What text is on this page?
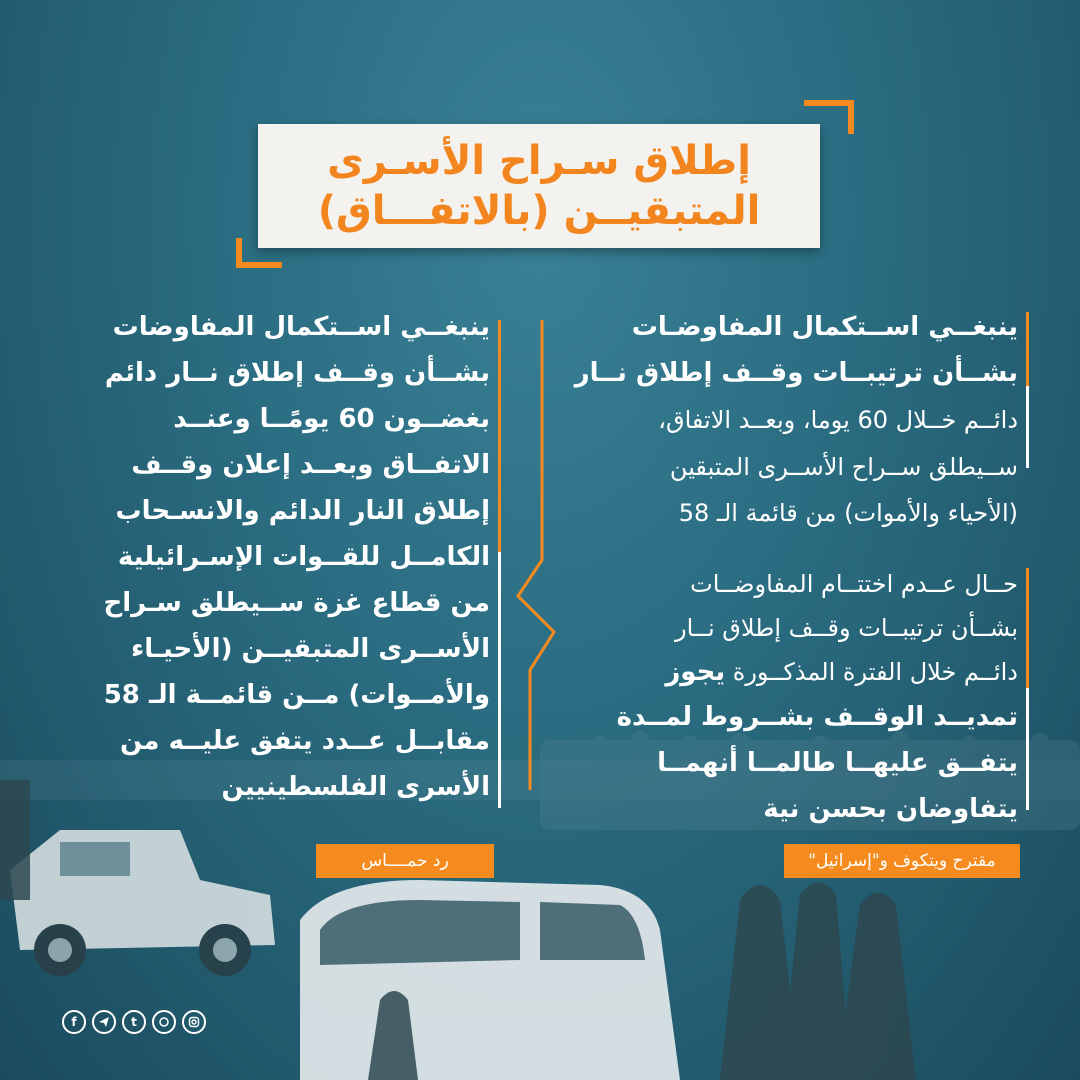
إطلاق سـراح الأسـرى
المتبقيــن (بالاتفـــاق)
ينبغــي اســتكمال المفاوضات
بشــأن وقــف إطلاق نــار دائم
بغضــون 60 يومًــا وعنــد
الاتفــاق وبعــد إعلان وقــف
إطلاق النار الدائم والانسـحاب
الكامــل للقــوات الإسـرائيلية
من قطاع غزة ســيطلق سـراح
الأســرى المتبقيــن (الأحيـاء
والأمــوات) مــن قائمــة الـ 58
مقابــل عــدد يتفق عليــه من
الأسرى الفلسطينيين
رد حمــــاس
ينبغــي اســتكمال المفاوضـات
بشــأن ترتيبــات وقــف إطلاق نــار
دائــم خــلال 60 يوما، وبعــد الاتفاق،
ســيطلق ســراح الأســرى المتبقين
(الأحياء والأموات) من قائمة الـ 58
حــال عــدم اختتــام المفاوضــات
بشــأن ترتيبــات وقــف إطلاق نــار
دائــم خلال الفترة المذكــورة يجوز
تمديــد الوقــف بشــروط لمــدة
يتفــق عليهــا طالمــا أنهمــا
يتفاوضان بحسن نية
مقترح ويتكوف و"إسرائيل"
f	t
